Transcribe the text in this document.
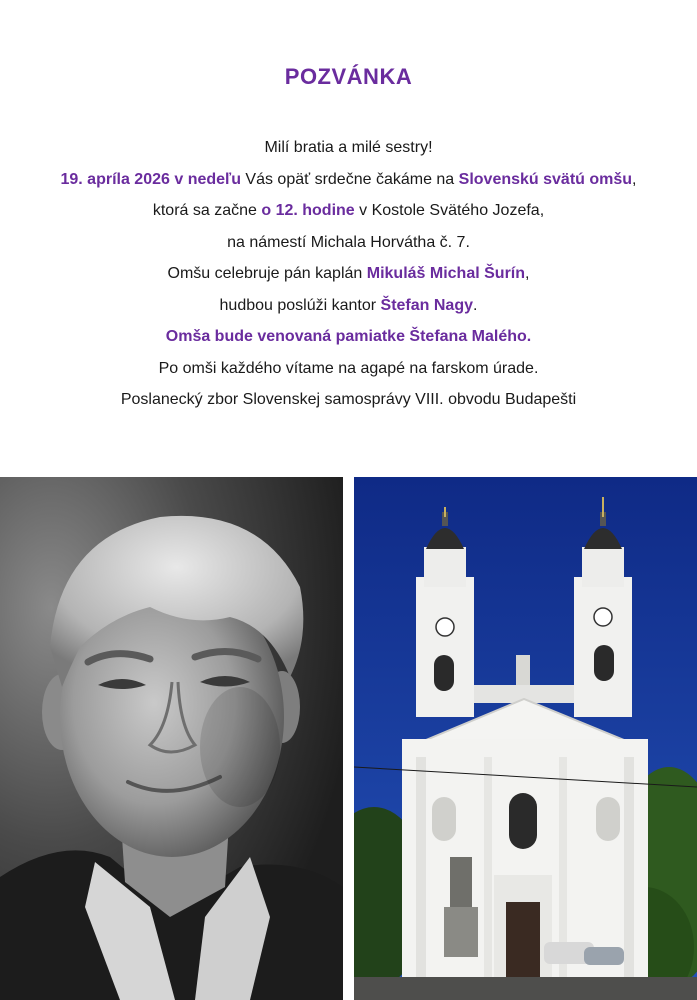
POZVÁNKA
Milí bratia a milé sestry!
19. apríla 2026 v nedeľu Vás opäť srdečne čakáme na Slovenskú svätú omšu,
ktorá sa začne o 12. hodine v Kostole Svätého Jozefa,
na námestí Michala Horvátha č. 7.
Omšu celebruje pán kaplán Mikuláš Michal Šurín,
hudbou poslúži kantor Štefan Nagy.
Omša bude venovaná pamiatke Štefana Malého.
Po omši každého vítame na agapé na farskom úrade.
Poslanecký zbor Slovenskej samosprávy VIII. obvodu Budapešti
